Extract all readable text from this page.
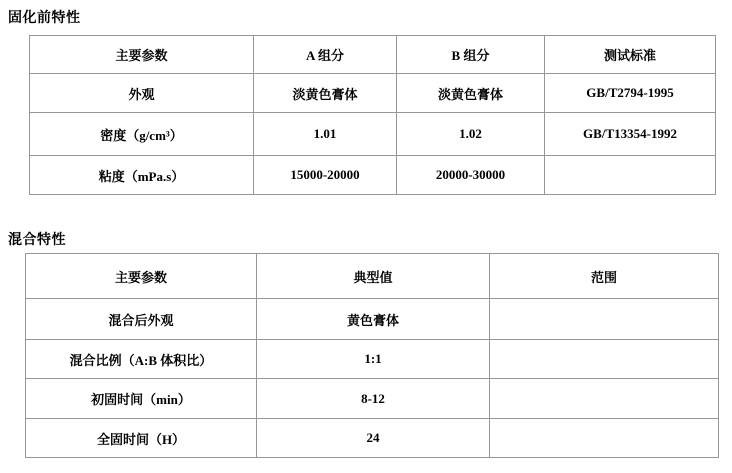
固化前特性
主要参数	A 组分	B 组分	测试标准
外观	淡黄色膏体	淡黄色膏体	GB/T2794-1995
密度（g/cm³）	1.01	1.02	GB/T13354-1992
粘度（mPa.s）	15000-20000	20000-30000	
混合特性
主要参数	典型值	范围
混合后外观	黄色膏体	
混合比例（A:B 体积比）	1:1	
初固时间（min）	8-12	
全固时间（H）	24	
